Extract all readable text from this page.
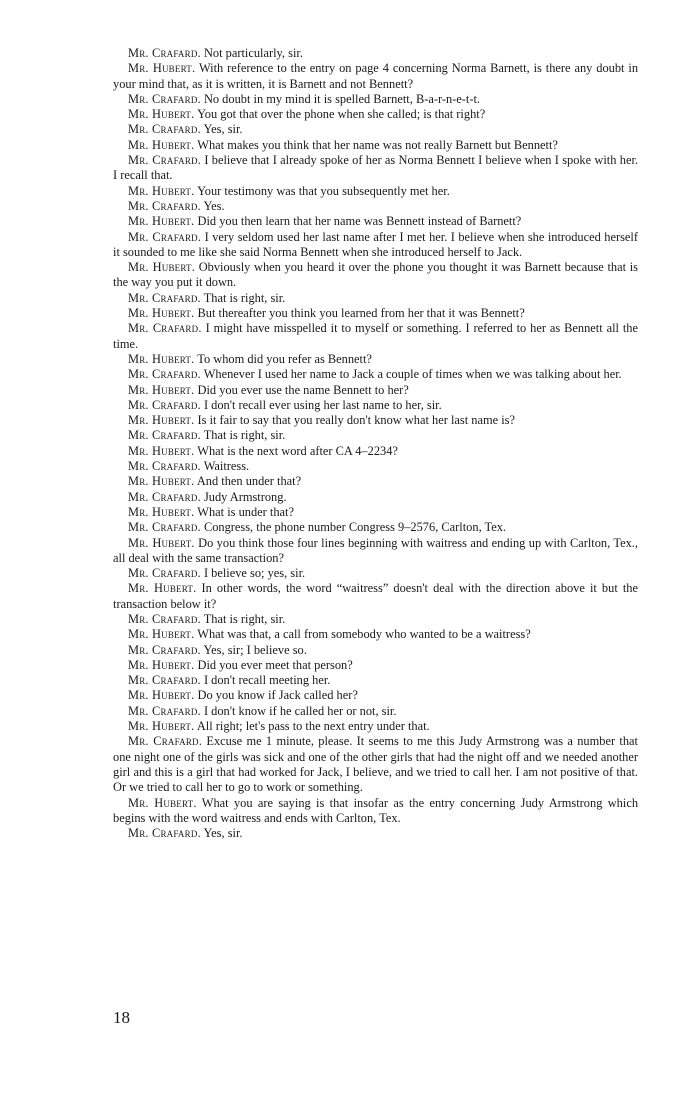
Mr. Crafard. Not particularly, sir.

Mr. Hubert. With reference to the entry on page 4 concerning Norma Barnett, is there any doubt in your mind that, as it is written, it is Barnett and not Bennett?

Mr. Crafard. No doubt in my mind it is spelled Barnett, B-a-r-n-e-t-t.

Mr. Hubert. You got that over the phone when she called; is that right?

Mr. Crafard. Yes, sir.

Mr. Hubert. What makes you think that her name was not really Barnett but Bennett?

Mr. Crafard. I believe that I already spoke of her as Norma Bennett I believe when I spoke with her. I recall that.

Mr. Hubert. Your testimony was that you subsequently met her.

Mr. Crafard. Yes.

Mr. Hubert. Did you then learn that her name was Bennett instead of Barnett?

Mr. Crafard. I very seldom used her last name after I met her. I believe when she introduced herself it sounded to me like she said Norma Bennett when she introduced herself to Jack.

Mr. Hubert. Obviously when you heard it over the phone you thought it was Barnett because that is the way you put it down.

Mr. Crafard. That is right, sir.

Mr. Hubert. But thereafter you think you learned from her that it was Bennett?

Mr. Crafard. I might have misspelled it to myself or something. I referred to her as Bennett all the time.

Mr. Hubert. To whom did you refer as Bennett?

Mr. Crafard. Whenever I used her name to Jack a couple of times when we was talking about her.

Mr. Hubert. Did you ever use the name Bennett to her?

Mr. Crafard. I don't recall ever using her last name to her, sir.

Mr. Hubert. Is it fair to say that you really don't know what her last name is?

Mr. Crafard. That is right, sir.

Mr. Hubert. What is the next word after CA 4–2234?

Mr. Crafard. Waitress.

Mr. Hubert. And then under that?

Mr. Crafard. Judy Armstrong.

Mr. Hubert. What is under that?

Mr. Crafard. Congress, the phone number Congress 9–2576, Carlton, Tex.

Mr. Hubert. Do you think those four lines beginning with waitress and ending up with Carlton, Tex., all deal with the same transaction?

Mr. Crafard. I believe so; yes, sir.

Mr. Hubert. In other words, the word “waitress” doesn't deal with the direction above it but the transaction below it?

Mr. Crafard. That is right, sir.

Mr. Hubert. What was that, a call from somebody who wanted to be a waitress?

Mr. Crafard. Yes, sir; I believe so.

Mr. Hubert. Did you ever meet that person?

Mr. Crafard. I don't recall meeting her.

Mr. Hubert. Do you know if Jack called her?

Mr. Crafard. I don't know if he called her or not, sir.

Mr. Hubert. All right; let's pass to the next entry under that.

Mr. Crafard. Excuse me 1 minute, please. It seems to me this Judy Armstrong was a number that one night one of the girls was sick and one of the other girls that had the night off and we needed another girl and this is a girl that had worked for Jack, I believe, and we tried to call her. I am not positive of that. Or we tried to call her to go to work or something.

Mr. Hubert. What you are saying is that insofar as the entry concerning Judy Armstrong which begins with the word waitress and ends with Carlton, Tex.

Mr. Crafard. Yes, sir.

18
